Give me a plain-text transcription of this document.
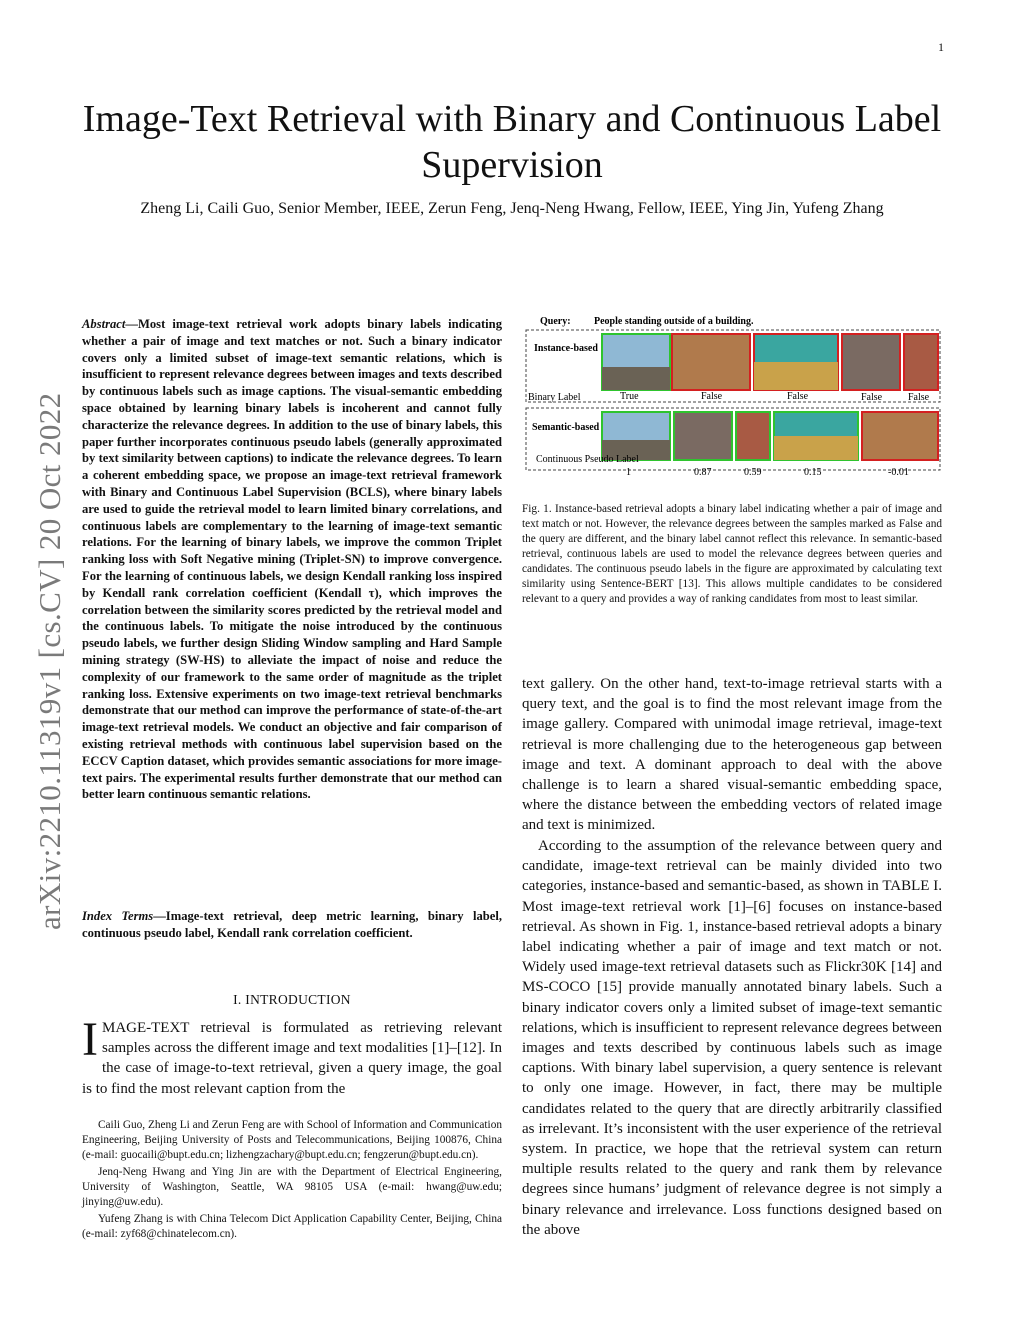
1
arXiv:2210.11319v1 [cs.CV] 20 Oct 2022
Image-Text Retrieval with Binary and Continuous Label Supervision
Zheng Li, Caili Guo, Senior Member, IEEE, Zerun Feng, Jenq-Neng Hwang, Fellow, IEEE, Ying Jin, Yufeng Zhang
Abstract—Most image-text retrieval work adopts binary labels indicating whether a pair of image and text matches or not. Such a binary indicator covers only a limited subset of image-text semantic relations, which is insufficient to represent relevance degrees between images and texts described by continuous labels such as image captions. The visual-semantic embedding space obtained by learning binary labels is incoherent and cannot fully characterize the relevance degrees. In addition to the use of binary labels, this paper further incorporates continuous pseudo labels (generally approximated by text similarity between captions) to indicate the relevance degrees. To learn a coherent embedding space, we propose an image-text retrieval framework with Binary and Continuous Label Supervision (BCLS), where binary labels are used to guide the retrieval model to learn limited binary correlations, and continuous labels are complementary to the learning of image-text semantic relations. For the learning of binary labels, we improve the common Triplet ranking loss with Soft Negative mining (Triplet-SN) to improve convergence. For the learning of continuous labels, we design Kendall ranking loss inspired by Kendall rank correlation coefficient (Kendall τ), which improves the correlation between the similarity scores predicted by the retrieval model and the continuous labels. To mitigate the noise introduced by the continuous pseudo labels, we further design Sliding Window sampling and Hard Sample mining strategy (SW-HS) to alleviate the impact of noise and reduce the complexity of our framework to the same order of magnitude as the triplet ranking loss. Extensive experiments on two image-text retrieval benchmarks demonstrate that our method can improve the performance of state-of-the-art image-text retrieval models. We conduct an objective and fair comparison of existing retrieval methods with continuous label supervision based on the ECCV Caption dataset, which provides semantic associations for more image-text pairs. The experimental results further demonstrate that our method can better learn continuous semantic relations.
Index Terms—Image-text retrieval, deep metric learning, binary label, continuous pseudo label, Kendall rank correlation coefficient.
I. INTRODUCTION
IMAGE-TEXT retrieval is formulated as retrieving relevant samples across the different image and text modalities [1]–[12]. In the case of image-to-text retrieval, given a query image, the goal is to find the most relevant caption from the

Caili Guo, Zheng Li and Zerun Feng are with School of Information and Communication Engineering, Beijing University of Posts and Telecommunications, Beijing 100876, China (e-mail: guocaili@bupt.edu.cn; lizhengzachary@bupt.edu.cn; fengzerun@bupt.edu.cn).

Jenq-Neng Hwang and Ying Jin are with the Department of Electrical Engineering, University of Washington, Seattle, WA 98105 USA (e-mail: hwang@uw.edu; jinying@uw.edu).

Yufeng Zhang is with China Telecom Dict Application Capability Center, Beijing, China (e-mail: zyf68@chinatelecom.cn).

Query: People standing outside of a building.
Instance-based
Binary Label	True	False	False	False	False
Semantic-based
Continuous Pseudo Label
1	0.87	0.59	0.15	-0.01
Fig. 1. Instance-based retrieval adopts a binary label indicating whether a pair of image and text match or not. However, the relevance degrees between the samples marked as False and the query are different, and the binary label cannot reflect this relevance. In semantic-based retrieval, continuous labels are used to model the relevance degrees between queries and candidates. The continuous pseudo labels in the figure are approximated by calculating text similarity using Sentence-BERT [13]. This allows multiple candidates to be considered relevant to a query and provides a way of ranking candidates from most to least similar.

text gallery. On the other hand, text-to-image retrieval starts with a query text, and the goal is to find the most relevant image from the image gallery. Compared with unimodal image retrieval, image-text retrieval is more challenging due to the heterogeneous gap between image and text. A dominant approach to deal with the above challenge is to learn a shared visual-semantic embedding space, where the distance between the embedding vectors of related image and text is minimized.

According to the assumption of the relevance between query and candidate, image-text retrieval can be mainly divided into two categories, instance-based and semantic-based, as shown in TABLE I. Most image-text retrieval work [1]–[6] focuses on instance-based retrieval. As shown in Fig. 1, instance-based retrieval adopts a binary label indicating whether a pair of image and text match or not. Widely used image-text retrieval datasets such as Flickr30K [14] and MS-COCO [15] provide manually annotated binary labels. Such a binary indicator covers only a limited subset of image-text semantic relations, which is insufficient to represent relevance degrees between images and texts described by continuous labels such as image captions. With binary label supervision, a query sentence is relevant to only one image. However, in fact, there may be multiple candidates related to the query that are directly arbitrarily classified as irrelevant. It’s inconsistent with the user experience of the retrieval system. In practice, we hope that the retrieval system can return multiple results related to the query and rank them by relevance degrees since humans’ judgment of relevance degree is not simply a binary relevance and irrelevance. Loss functions designed based on the above
